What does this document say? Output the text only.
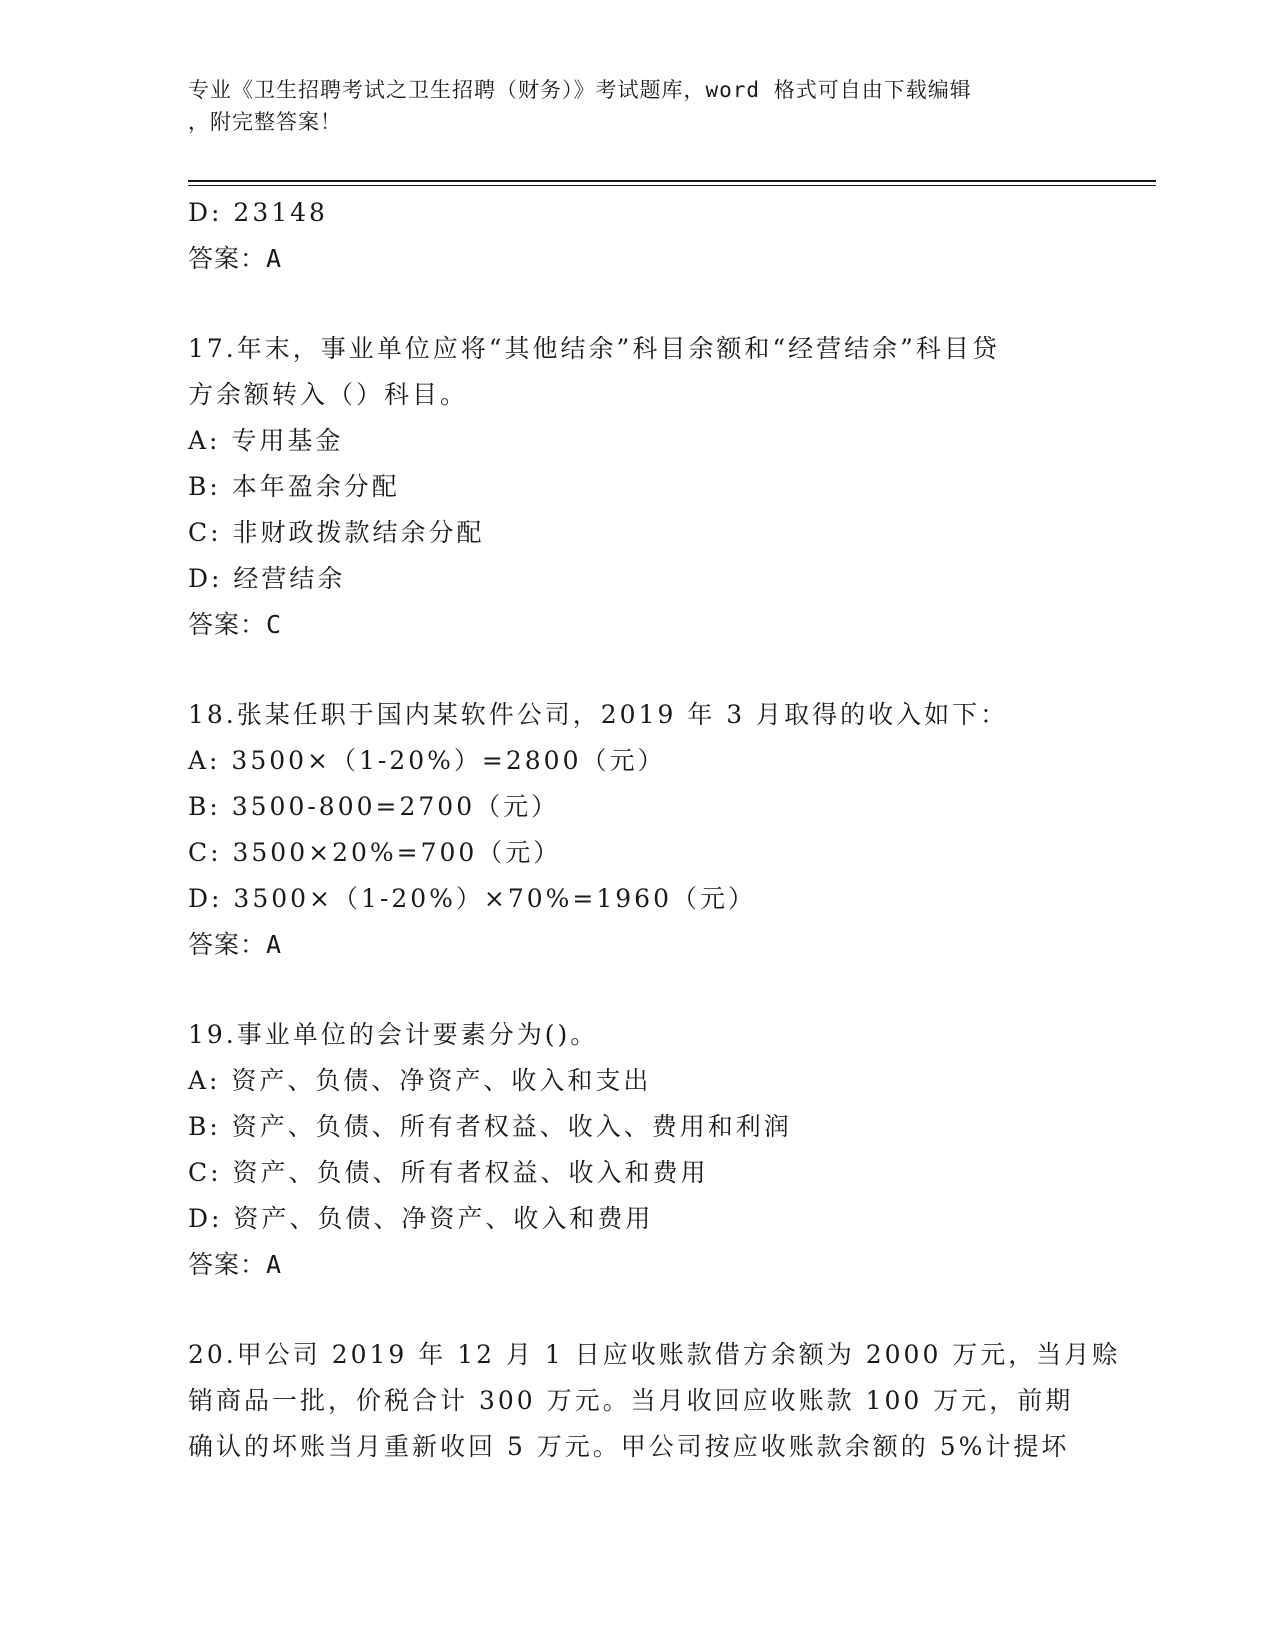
专业《卫生招聘考试之卫生招聘（财务）》考试题库，word 格式可自由下载编辑
，附完整答案！
D: 23148
答案：A
17.年末，事业单位应将“其他结余”科目余额和“经营结余”科目贷
方余额转入（）科目。
A: 专用基金
B: 本年盈余分配
C: 非财政拨款结余分配
D: 经营结余
答案：C
18.张某任职于国内某软件公司，2019 年 3 月取得的收入如下：
A: 3500×（1-20%）=2800（元）
B: 3500-800=2700（元）
C: 3500×20%=700（元）
D: 3500×（1-20%）×70%=1960（元）
答案：A
19.事业单位的会计要素分为()。
A: 资产、负债、净资产、收入和支出
B: 资产、负债、所有者权益、收入、费用和利润
C: 资产、负债、所有者权益、收入和费用
D: 资产、负债、净资产、收入和费用
答案：A
20.甲公司 2019 年 12 月 1 日应收账款借方余额为 2000 万元，当月赊
销商品一批，价税合计 300 万元。当月收回应收账款 100 万元，前期
确认的坏账当月重新收回 5 万元。甲公司按应收账款余额的 5%计提坏
